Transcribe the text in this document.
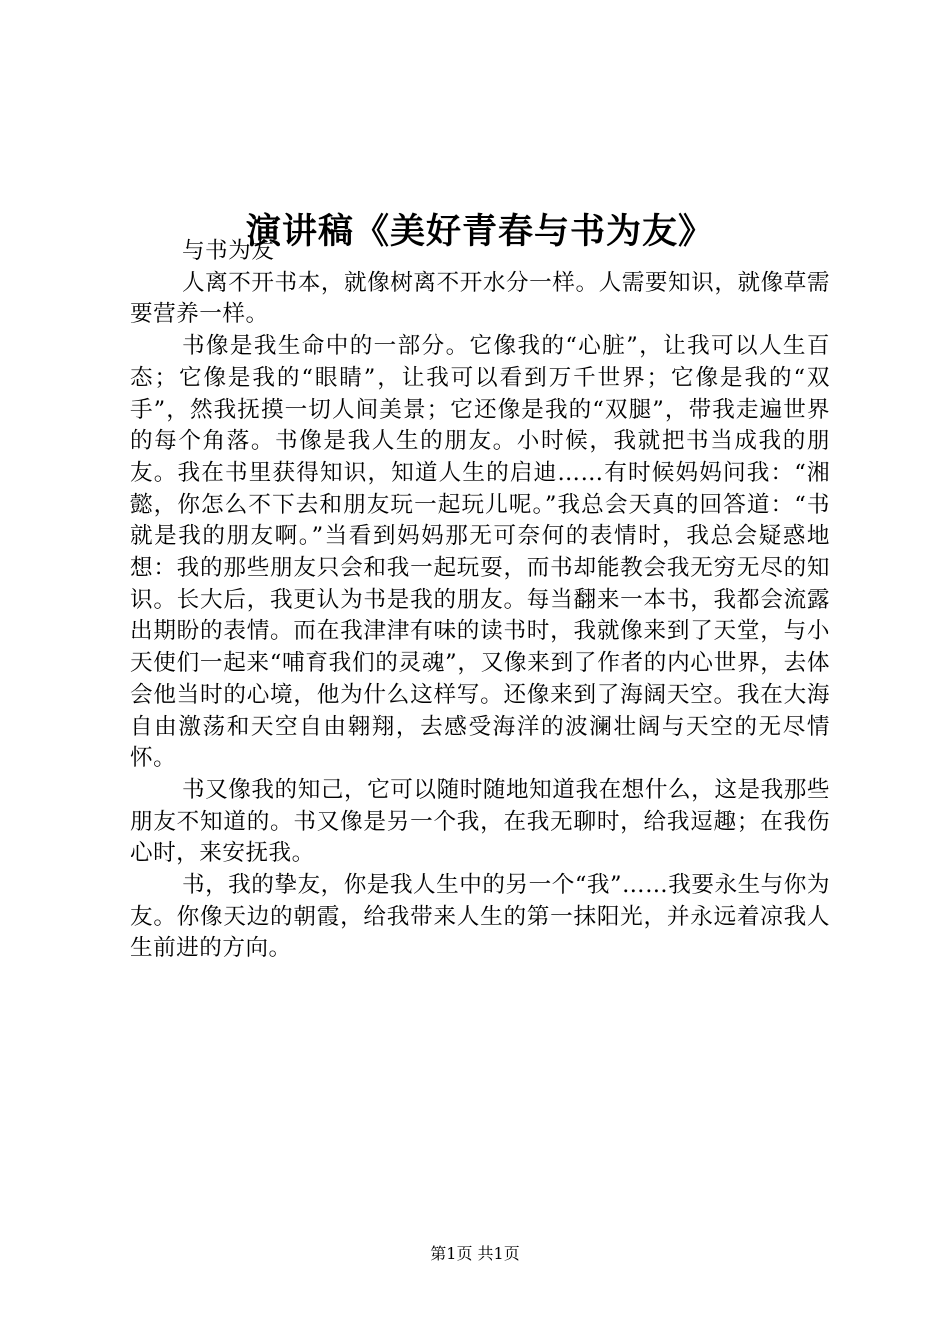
演讲稿《美好青春与书为友》

与书为友

人离不开书本，就像树离不开水分一样。人需要知识，就像草需要营养一样。

书像是我生命中的一部分。它像我的“心脏”，让我可以人生百态；它像是我的“眼睛”，让我可以看到万千世界；它像是我的“双手”，然我抚摸一切人间美景；它还像是我的“双腿”，带我走遍世界的每个角落。书像是我人生的朋友。小时候，我就把书当成我的朋友。我在书里获得知识，知道人生的启迪……有时候妈妈问我：“湘懿，你怎么不下去和朋友玩一起玩儿呢。”我总会天真的回答道：“书就是我的朋友啊。”当看到妈妈那无可奈何的表情时，我总会疑惑地想：我的那些朋友只会和我一起玩耍，而书却能教会我无穷无尽的知识。长大后，我更认为书是我的朋友。每当翻来一本书，我都会流露出期盼的表情。而在我津津有味的读书时，我就像来到了天堂，与小天使们一起来“哺育我们的灵魂”，又像来到了作者的内心世界，去体会他当时的心境，他为什么这样写。还像来到了海阔天空。我在大海自由激荡和天空自由翱翔，去感受海洋的波澜壮阔与天空的无尽情怀。

书又像我的知己，它可以随时随地知道我在想什么，这是我那些朋友不知道的。书又像是另一个我，在我无聊时，给我逗趣；在我伤心时，来安抚我。

书，我的挚友，你是我人生中的另一个“我”……我要永生与你为友。你像天边的朝霞，给我带来人生的第一抹阳光，并永远着凉我人生前进的方向。

第1页 共1页
